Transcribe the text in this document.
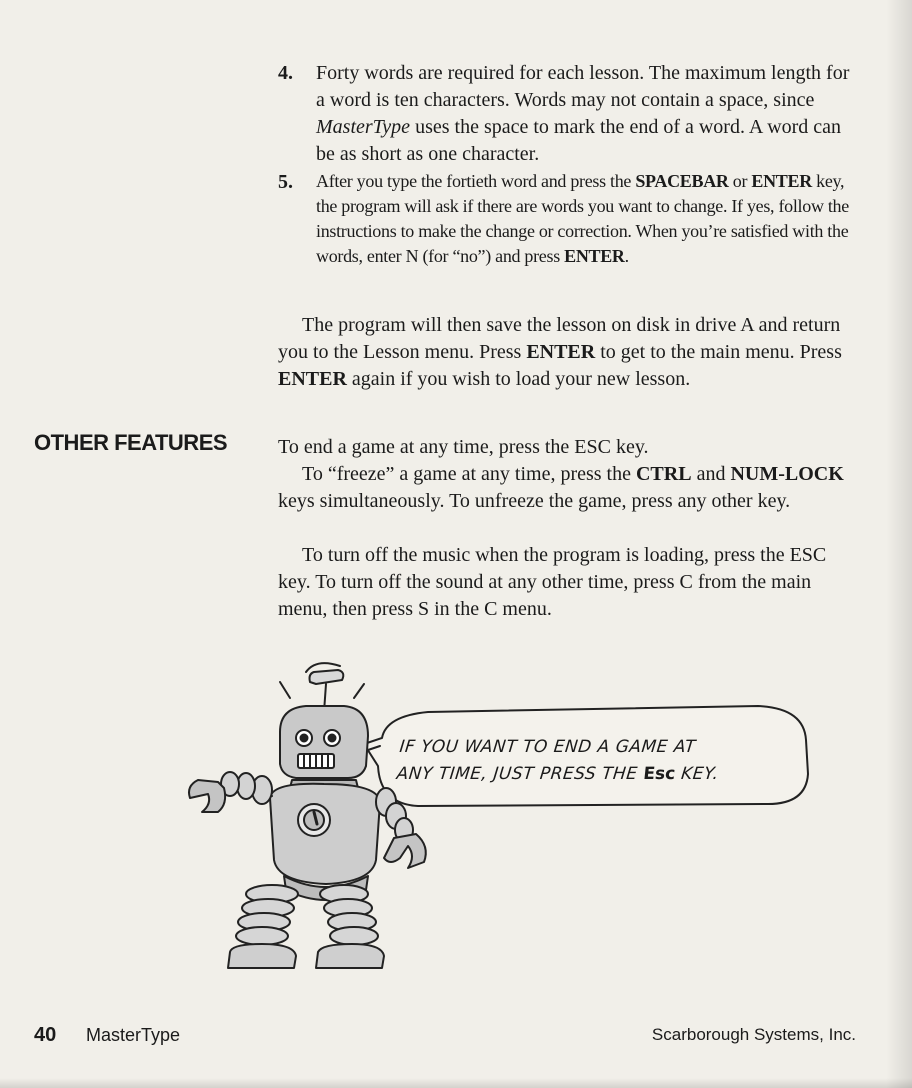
4.	Forty words are required for each lesson. The maximum length for a word is ten characters. Words may not contain a space, since MasterType uses the space to mark the end of a word. A word can be as short as one character.
5.	After you type the fortieth word and press the SPACEBAR or ENTER key, the program will ask if there are words you want to change. If yes, follow the instructions to make the change or correction. When you’re satisfied with the words, enter N (for “no”) and press ENTER.

The program will then save the lesson on disk in drive A and return you to the Lesson menu. Press ENTER to get to the main menu. Press ENTER again if you wish to load your new lesson.

OTHER FEATURES	To end a game at any time, press the ESC key.

To “freeze” a game at any time, press the CTRL and NUM-LOCK keys simultaneously. To unfreeze the game, press any other key.

To turn off the music when the program is loading, press the ESC key. To turn off the sound at any other time, press C from the main menu, then press S in the C menu.

IF YOU WANT TO END A GAME AT
ANY TIME, JUST PRESS THE Esc KEY.
40 MasterType	Scarborough Systems, Inc.
